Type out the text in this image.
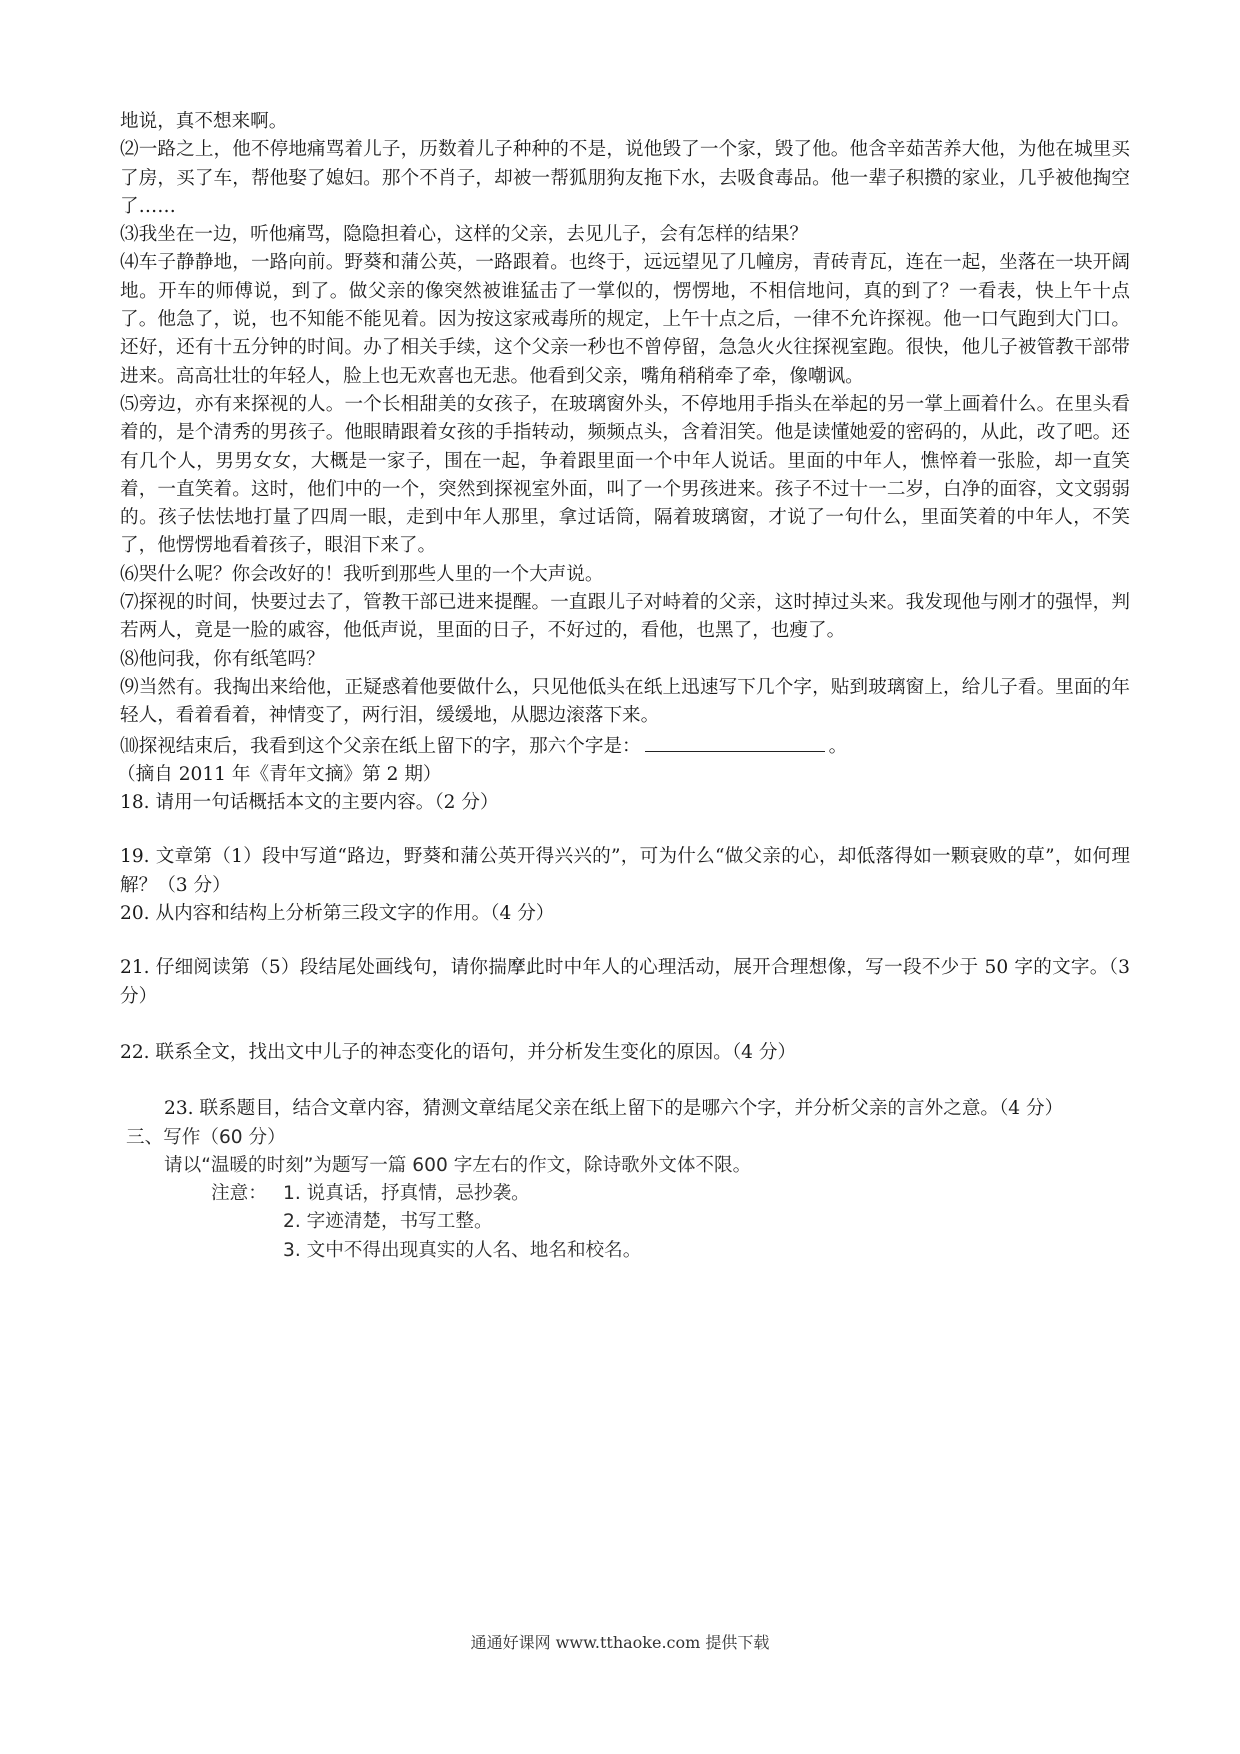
地说，真不想来啊。

⑵一路之上，他不停地痛骂着儿子，历数着儿子种种的不是，说他毁了一个家，毁了他。他含辛茹苦养大他，为他在城里买了房，买了车，帮他娶了媳妇。那个不肖子，却被一帮狐朋狗友拖下水，去吸食毒品。他一辈子积攒的家业，几乎被他掏空了……

⑶我坐在一边，听他痛骂，隐隐担着心，这样的父亲，去见儿子，会有怎样的结果？

⑷车子静静地，一路向前。野葵和蒲公英，一路跟着。也终于，远远望见了几幢房，青砖青瓦，连在一起，坐落在一块开阔地。开车的师傅说，到了。做父亲的像突然被谁猛击了一掌似的，愣愣地，不相信地问，真的到了？一看表，快上午十点了。他急了，说，也不知能不能见着。因为按这家戒毒所的规定，上午十点之后，一律不允许探视。他一口气跑到大门口。还好，还有十五分钟的时间。办了相关手续，这个父亲一秒也不曾停留，急急火火往探视室跑。很快，他儿子被管教干部带进来。高高壮壮的年轻人，脸上也无欢喜也无悲。他看到父亲，嘴角稍稍牵了牵，像嘲讽。

⑸旁边，亦有来探视的人。一个长相甜美的女孩子，在玻璃窗外头，不停地用手指头在举起的另一掌上画着什么。在里头看着的，是个清秀的男孩子。他眼睛跟着女孩的手指转动，频频点头，含着泪笑。他是读懂她爱的密码的，从此，改了吧。还有几个人，男男女女，大概是一家子，围在一起，争着跟里面一个中年人说话。里面的中年人，憔悴着一张脸，却一直笑着，一直笑着。这时，他们中的一个，突然到探视室外面，叫了一个男孩进来。孩子不过十一二岁，白净的面容，文文弱弱的。孩子怯怯地打量了四周一眼，走到中年人那里，拿过话筒，隔着玻璃窗，才说了一句什么，里面笑着的中年人，不笑了，他愣愣地看着孩子，眼泪下来了。

⑹哭什么呢？你会改好的！我听到那些人里的一个大声说。

⑺探视的时间，快要过去了，管教干部已进来提醒。一直跟儿子对峙着的父亲，这时掉过头来。我发现他与刚才的强悍，判若两人，竟是一脸的戚容，他低声说，里面的日子，不好过的，看他，也黑了，也瘦了。

⑻他问我，你有纸笔吗？

⑼当然有。我掏出来给他，正疑惑着他要做什么，只见他低头在纸上迅速写下几个字，贴到玻璃窗上，给儿子看。里面的年轻人，看着看着，神情变了，两行泪，缓缓地，从腮边滚落下来。

⑽探视结束后，我看到这个父亲在纸上留下的字，那六个字是：	。

（摘自 2011 年《青年文摘》第 2 期）

18. 请用一句话概括本文的主要内容。（2 分）

19. 文章第（1）段中写道“路边，野葵和蒲公英开得兴兴的”，可为什么“做父亲的心，却低落得如一颗衰败的草”，如何理解？（3 分）

20. 从内容和结构上分析第三段文字的作用。（4 分）

21. 仔细阅读第（5）段结尾处画线句，请你揣摩此时中年人的心理活动，展开合理想像，写一段不少于 50 字的文字。（3 分）

22. 联系全文，找出文中儿子的神态变化的语句，并分析发生变化的原因。（4 分）

23. 联系题目，结合文章内容，猜测文章结尾父亲在纸上留下的是哪六个字，并分析父亲的言外之意。（4 分）

三、写作（60 分）

请以“温暖的时刻”为题写一篇 600 字左右的作文，除诗歌外文体不限。

注意： 1. 说真话，抒真情，忌抄袭。

2. 字迹清楚，书写工整。

3. 文中不得出现真实的人名、地名和校名。

通通好课网 www.tthaoke.com 提供下载
